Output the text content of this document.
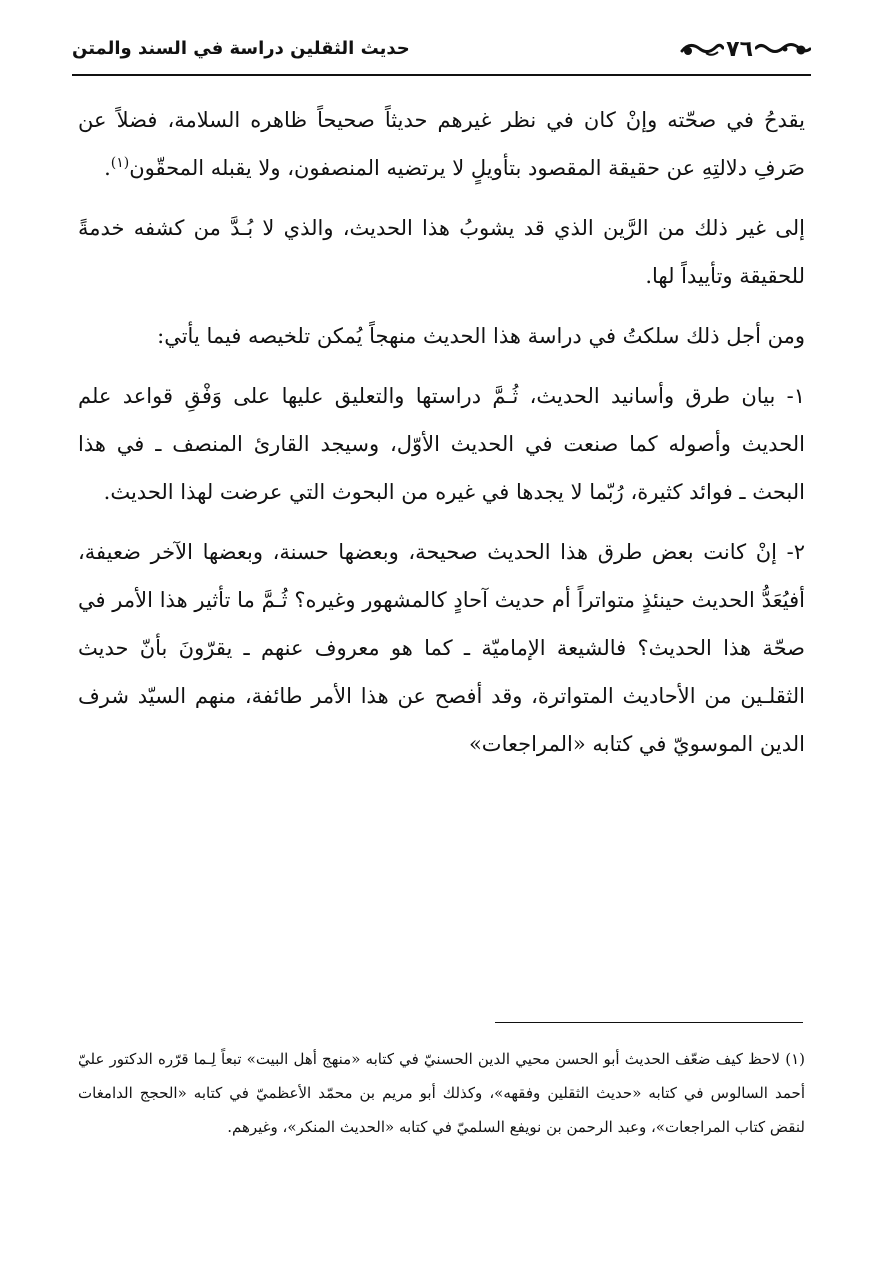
٧٦
حديث الثقلين دراسة في السند والمتن

يقدحُ في صحّته وإنْ كان في نظر غيرهم حديثاً صحيحاً ظاهره السلامة، فضلاً عن صَرفِ دلالتِهِ عن حقيقة المقصود بتأويلٍ لا يرتضيه المنصفون، ولا يقبله المحقّون$^{(١)}$.

إلى غير ذلك من الرَّين الذي قد يشوبُ هذا الحديث، والذي لا بُـدَّ من كشفه خدمةً للحقيقة وتأييداً لها.

ومن أجل ذلك سلكتُ في دراسة هذا الحديث منهجاً يُمكن تلخيصه فيما يأتي:

١- بيان طرق وأسانيد الحديث، ثُـمَّ دراستها والتعليق عليها على وَفْقِ قواعد علم الحديث وأصوله كما صنعت في الحديث الأوّل، وسيجد القارئ المنصف ـ في هذا البحث ـ فوائد كثيرة، رُبّما لا يجدها في غيره من البحوث التي عرضت لهذا الحديث.

٢- إنْ كانت بعض طرق هذا الحديث صحيحة، وبعضها حسنة، وبعضها الآخر ضعيفة، أفيُعَدُّ الحديث حينئذٍ متواتراً أم حديث آحادٍ كالمشهور وغيره؟ ثُـمَّ ما تأثير هذا الأمر في صحّة هذا الحديث؟ فالشيعة الإماميّة ـ كما هو معروف عنهم ـ يقرّونَ بأنّ حديث الثقلـين من الأحاديث المتواترة، وقد أفصح عن هذا الأمر طائفة، منهم السيّد شرف الدين الموسويّ في كتابه «المراجعات»

(١) لاحظ كيف ضعّف الحديث أبو الحسن محيي الدين الحسنيّ في كتابه «منهج أهل البيت» تبعاً لِـما قرّره الدكتور عليّ أحمد السالوس في كتابه «حديث الثقلين وفقهه»، وكذلك أبو مريم بن محمّد الأعظميّ في كتابه «الحجج الدامغات لنقض كتاب المراجعات»، وعبد الرحمن بن نويفع السلميّ في كتابه «الحديث المنكر»، وغيرهم.
